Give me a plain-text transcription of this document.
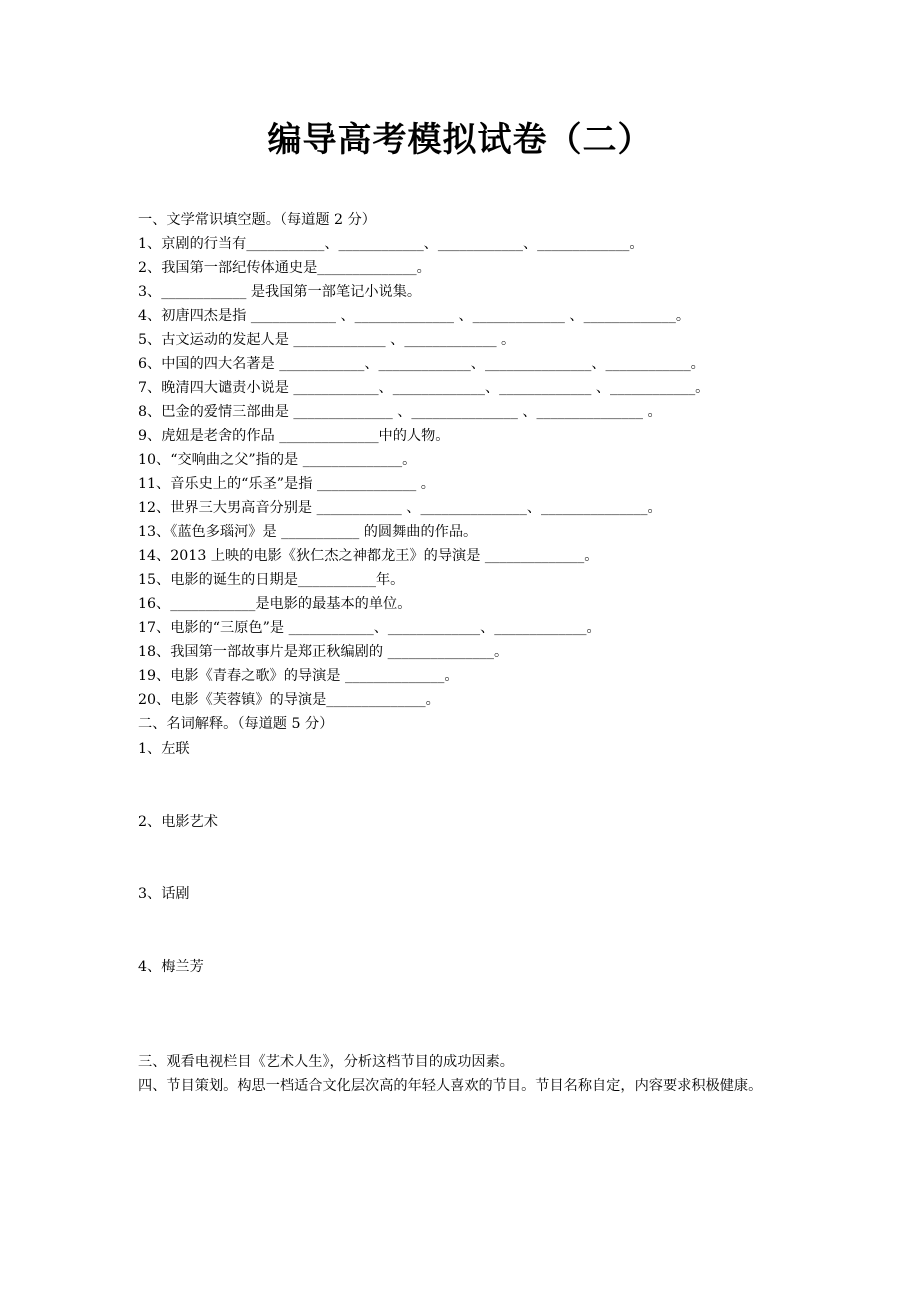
编导高考模拟试卷（二）
一、文学常识填空题。（每道题 2 分）
1、京剧的行当有___________、____________、____________、_____________。
2、我国第一部纪传体通史是______________。
3、____________ 是我国第一部笔记小说集。
4、初唐四杰是指 ____________ 、______________ 、_____________ 、_____________。
5、古文运动的发起人是 _____________ 、_____________ 。
6、中国的四大名著是 ____________、_____________、_______________、____________。
7、晚清四大谴责小说是 ____________、_____________、_____________ 、____________。
8、巴金的爱情三部曲是 ______________ 、_______________ 、_______________ 。
9、虎妞是老舍的作品 ______________中的人物。
10、“交响曲之父”指的是 ______________。
11、音乐史上的“乐圣”是指 ______________ 。
12、世界三大男高音分别是 ____________ 、_______________、_______________。
13、《蓝色多瑙河》是 ___________ 的圆舞曲的作品。
14、2013 上映的电影《狄仁杰之神都龙王》的导演是 ______________。
15、电影的诞生的日期是___________年。
16、____________是电影的最基本的单位。
17、电影的“三原色”是 ____________、_____________、_____________。
18、我国第一部故事片是郑正秋编剧的 _______________。
19、电影《青春之歌》的导演是 ______________。
20、电影《芙蓉镇》的导演是______________。
二、名词解释。（每道题 5 分）
1、左联
2、电影艺术
3、话剧
4、梅兰芳
三、观看电视栏目《艺术人生》，分析这档节目的成功因素。
四、节目策划。构思一档适合文化层次高的年轻人喜欢的节目。节目名称自定，内容要求积极健康。
